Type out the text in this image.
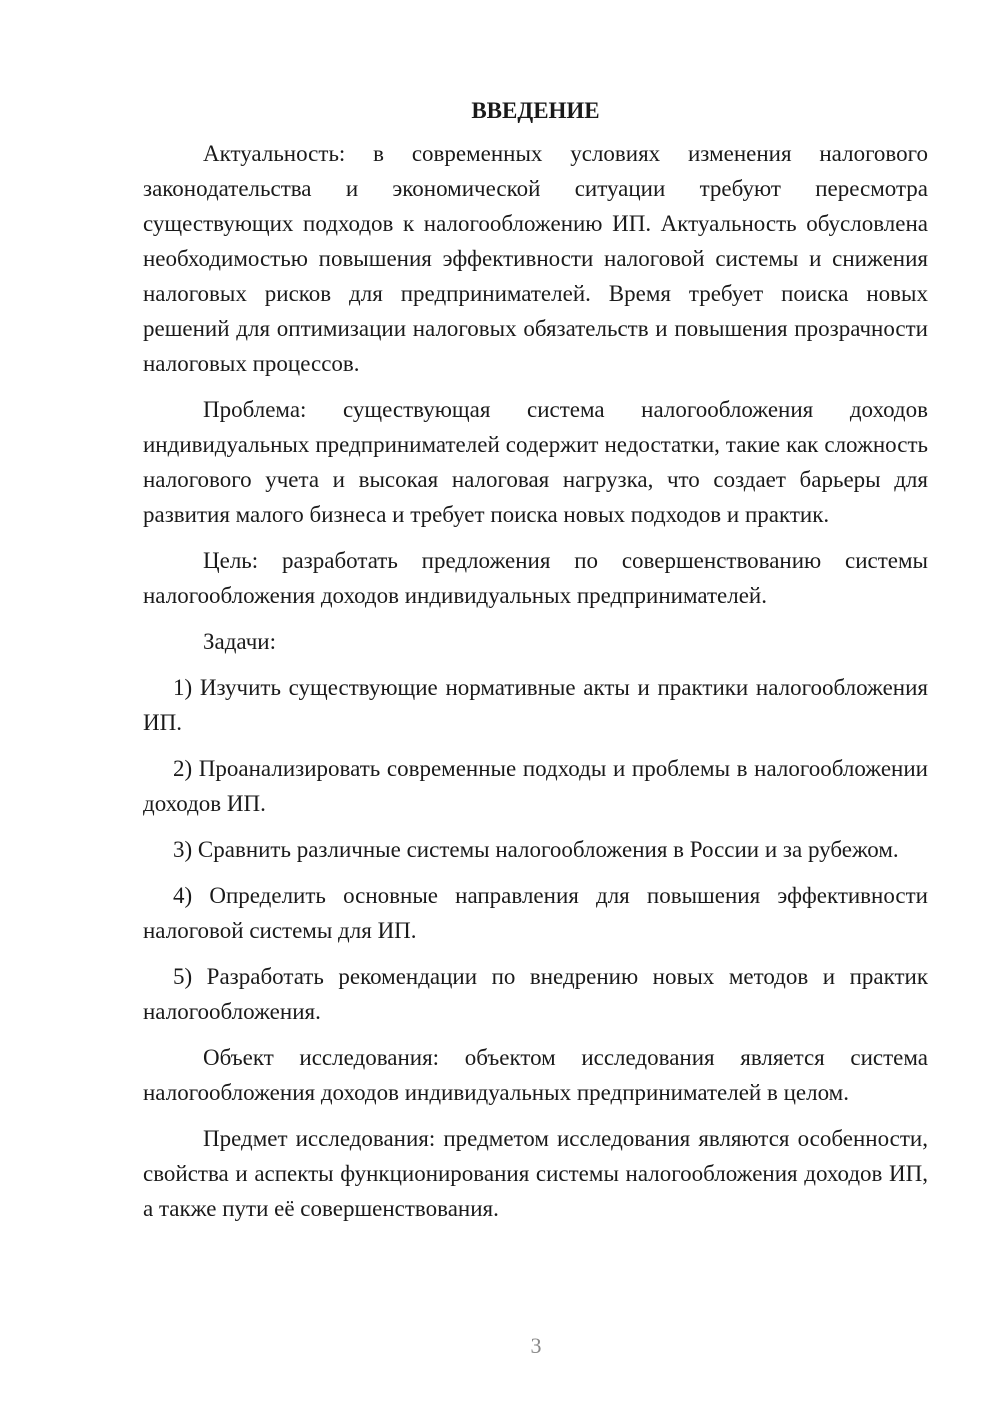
ВВЕДЕНИЕ

Актуальность: в современных условиях изменения налогового законодательства и экономической ситуации требуют пересмотра существующих подходов к налогообложению ИП. Актуальность обусловлена необходимостью повышения эффективности налоговой системы и снижения налоговых рисков для предпринимателей. Время требует поиска новых решений для оптимизации налоговых обязательств и повышения прозрачности налоговых процессов.

Проблема: существующая система налогообложения доходов индивидуальных предпринимателей содержит недостатки, такие как сложность налогового учета и высокая налоговая нагрузка, что создает барьеры для развития малого бизнеса и требует поиска новых подходов и практик.

Цель: разработать предложения по совершенствованию системы налогообложения доходов индивидуальных предпринимателей.

Задачи:

1) Изучить существующие нормативные акты и практики налогообложения ИП.

2) Проанализировать современные подходы и проблемы в налогообложении доходов ИП.

3) Сравнить различные системы налогообложения в России и за рубежом.

4) Определить основные направления для повышения эффективности налоговой системы для ИП.

5) Разработать рекомендации по внедрению новых методов и практик налогообложения.

Объект исследования: объектом исследования является система налогообложения доходов индивидуальных предпринимателей в целом.

Предмет исследования: предметом исследования являются особенности, свойства и аспекты функционирования системы налогообложения доходов ИП, а также пути её совершенствования.

3
